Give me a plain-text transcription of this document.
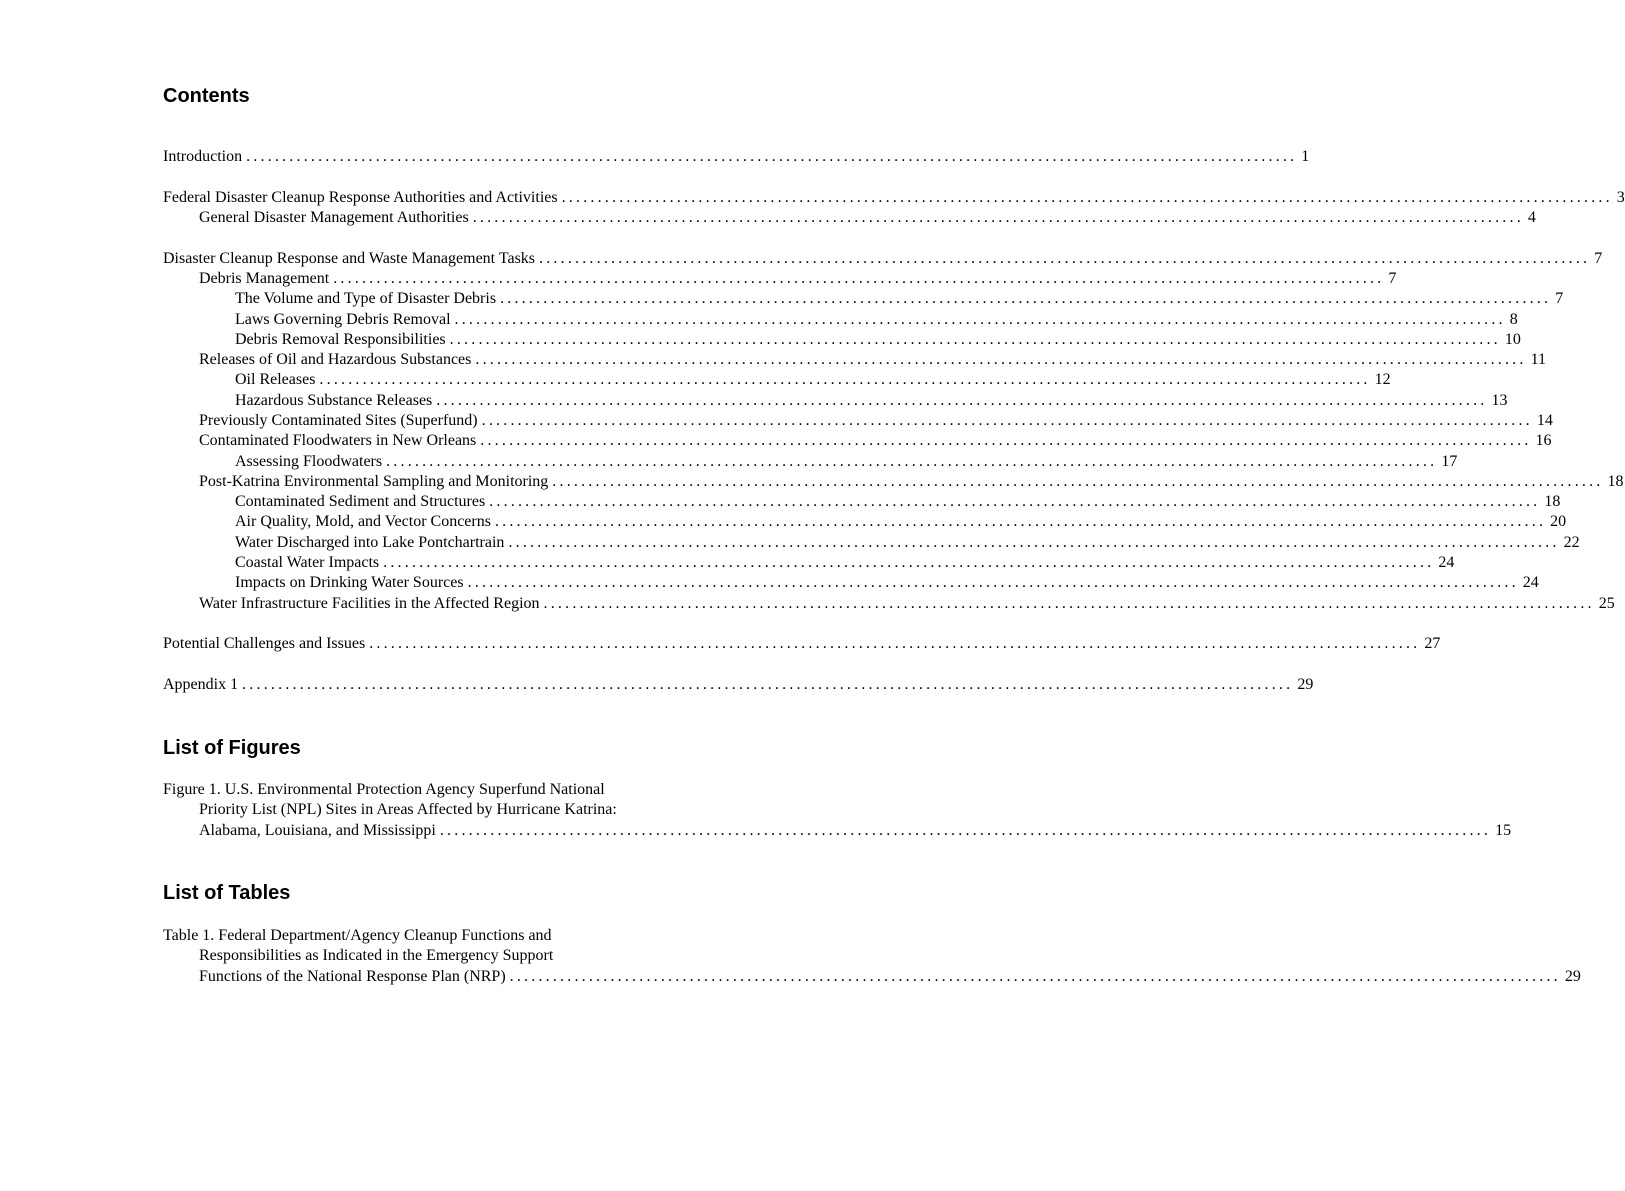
Contents
Introduction .................................................................................................................................................. 1
Federal Disaster Cleanup Response Authorities and Activities .................................................................................................................................................. 3
General Disaster Management Authorities .................................................................................................................................................. 4
Disaster Cleanup Response and Waste Management Tasks .................................................................................................................................................. 7
Debris Management .................................................................................................................................................. 7
The Volume and Type of Disaster Debris .................................................................................................................................................. 7
Laws Governing Debris Removal .................................................................................................................................................. 8
Debris Removal Responsibilities .................................................................................................................................................. 10
Releases of Oil and Hazardous Substances .................................................................................................................................................. 11
Oil Releases .................................................................................................................................................. 12
Hazardous Substance Releases .................................................................................................................................................. 13
Previously Contaminated Sites (Superfund) .................................................................................................................................................. 14
Contaminated Floodwaters in New Orleans .................................................................................................................................................. 16
Assessing Floodwaters .................................................................................................................................................. 17
Post-Katrina Environmental Sampling and Monitoring .................................................................................................................................................. 18
Contaminated Sediment and Structures .................................................................................................................................................. 18
Air Quality, Mold, and Vector Concerns .................................................................................................................................................. 20
Water Discharged into Lake Pontchartrain .................................................................................................................................................. 22
Coastal Water Impacts .................................................................................................................................................. 24
Impacts on Drinking Water Sources .................................................................................................................................................. 24
Water Infrastructure Facilities in the Affected Region .................................................................................................................................................. 25
Potential Challenges and Issues .................................................................................................................................................. 27
Appendix 1 .................................................................................................................................................. 29
List of Figures
Figure 1. U.S. Environmental Protection Agency Superfund National
Priority List (NPL) Sites in Areas Affected by Hurricane Katrina:
Alabama, Louisiana, and Mississippi .................................................................................................................................................. 15
List of Tables
Table 1. Federal Department/Agency Cleanup Functions and
Responsibilities as Indicated in the Emergency Support
Functions of the National Response Plan (NRP) .................................................................................................................................................. 29
